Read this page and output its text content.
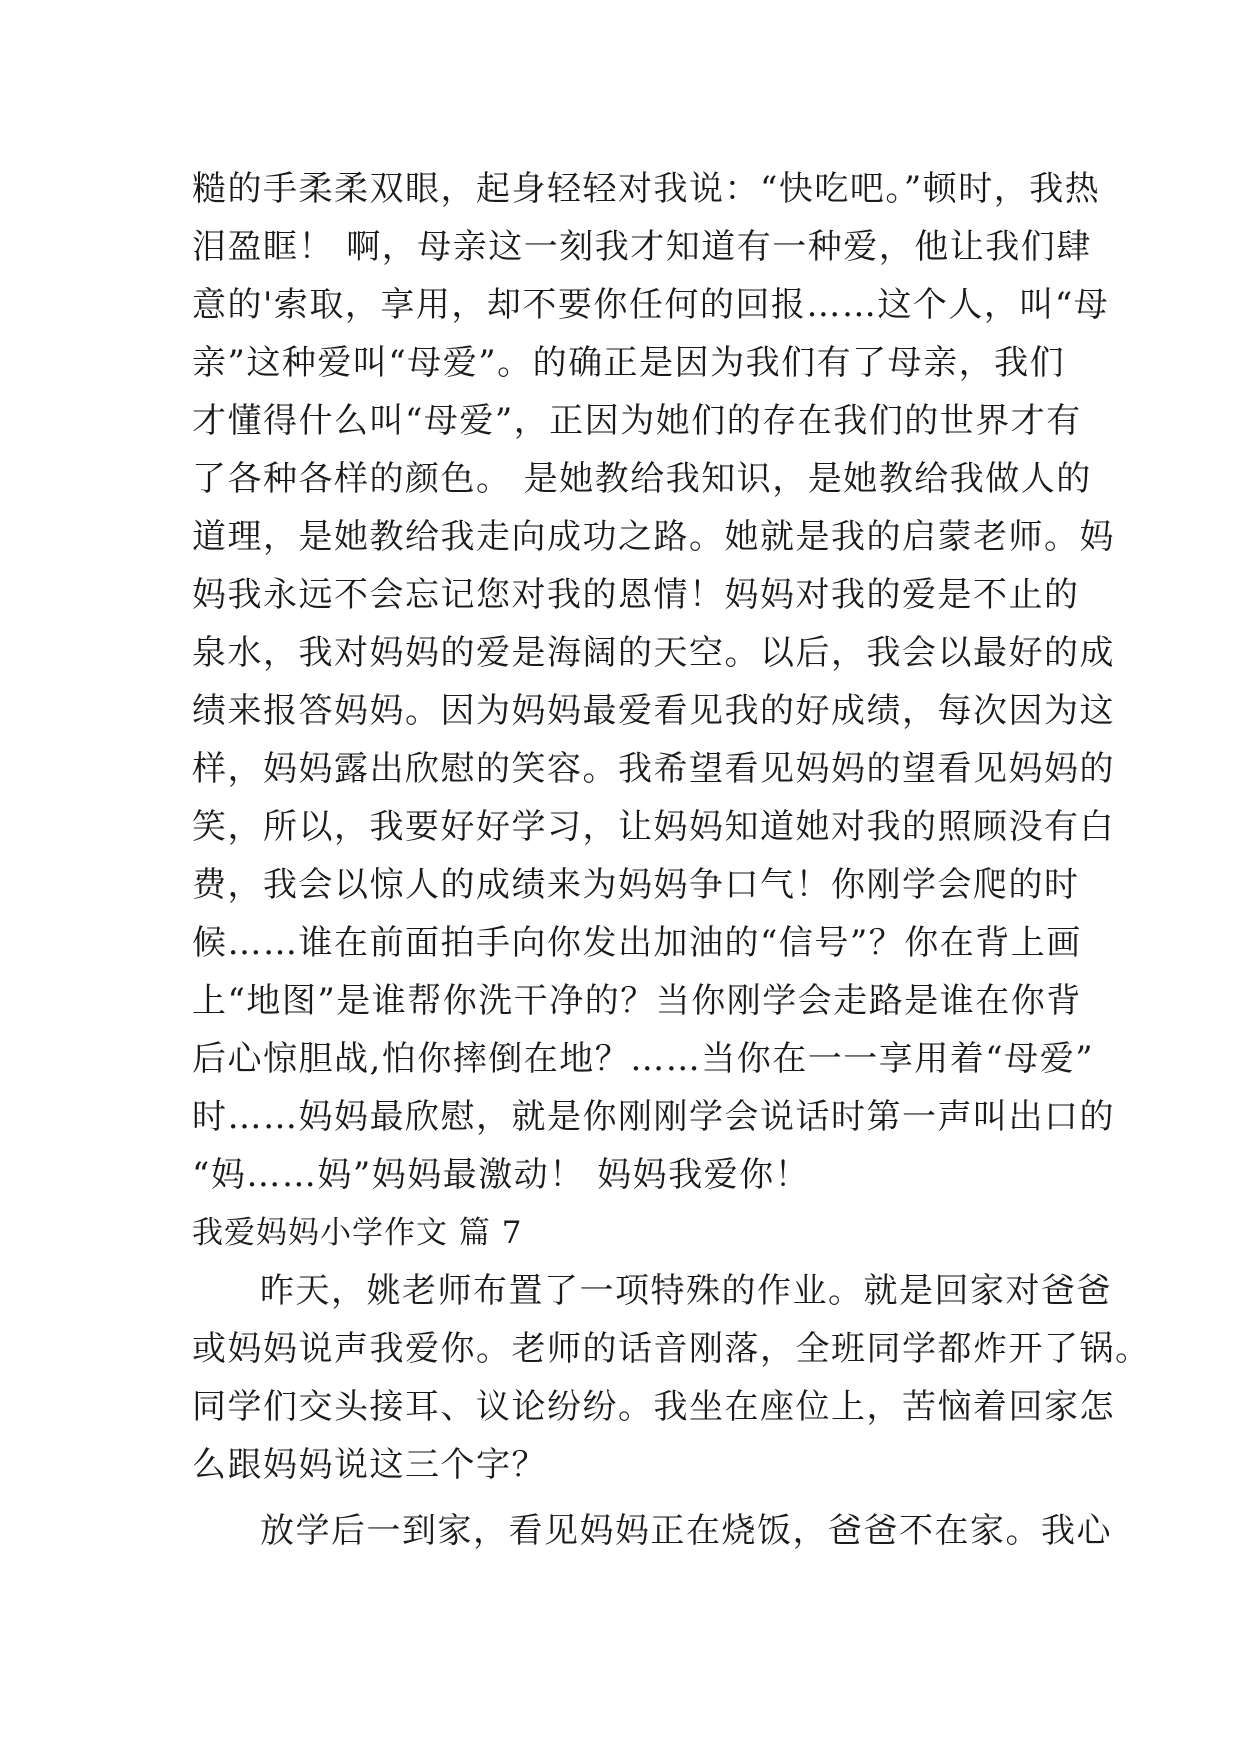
糙的手柔柔双眼，起身轻轻对我说：“快吃吧。”顿时，我热
泪盈眶！ 啊，母亲这一刻我才知道有一种爱，他让我们肆
意的'索取，享用，却不要你任何的回报……这个人，叫“母
亲”这种爱叫“母爱”。的确正是因为我们有了母亲，我们
才懂得什么叫“母爱”，正因为她们的存在我们的世界才有
了各种各样的颜色。 是她教给我知识，是她教给我做人的
道理，是她教给我走向成功之路。她就是我的启蒙老师。妈
妈我永远不会忘记您对我的恩情！妈妈对我的爱是不止的
泉水，我对妈妈的爱是海阔的天空。以后，我会以最好的成
绩来报答妈妈。因为妈妈最爱看见我的好成绩，每次因为这
样，妈妈露出欣慰的笑容。我希望看见妈妈的望看见妈妈的
笑，所以，我要好好学习，让妈妈知道她对我的照顾没有白
费，我会以惊人的成绩来为妈妈争口气！你刚学会爬的时
候……谁在前面拍手向你发出加油的“信号”？你在背上画
上“地图”是谁帮你洗干净的？当你刚学会走路是谁在你背
后心惊胆战,怕你摔倒在地？……当你在一一享用着“母爱”
时……妈妈最欣慰，就是你刚刚学会说话时第一声叫出口的
“妈……妈”妈妈最激动！ 妈妈我爱你！
我爱妈妈小学作文 篇 7
昨天，姚老师布置了一项特殊的作业。就是回家对爸爸
或妈妈说声我爱你。老师的话音刚落，全班同学都炸开了锅。
同学们交头接耳、议论纷纷。我坐在座位上，苦恼着回家怎
么跟妈妈说这三个字？
放学后一到家，看见妈妈正在烧饭，爸爸不在家。我心
